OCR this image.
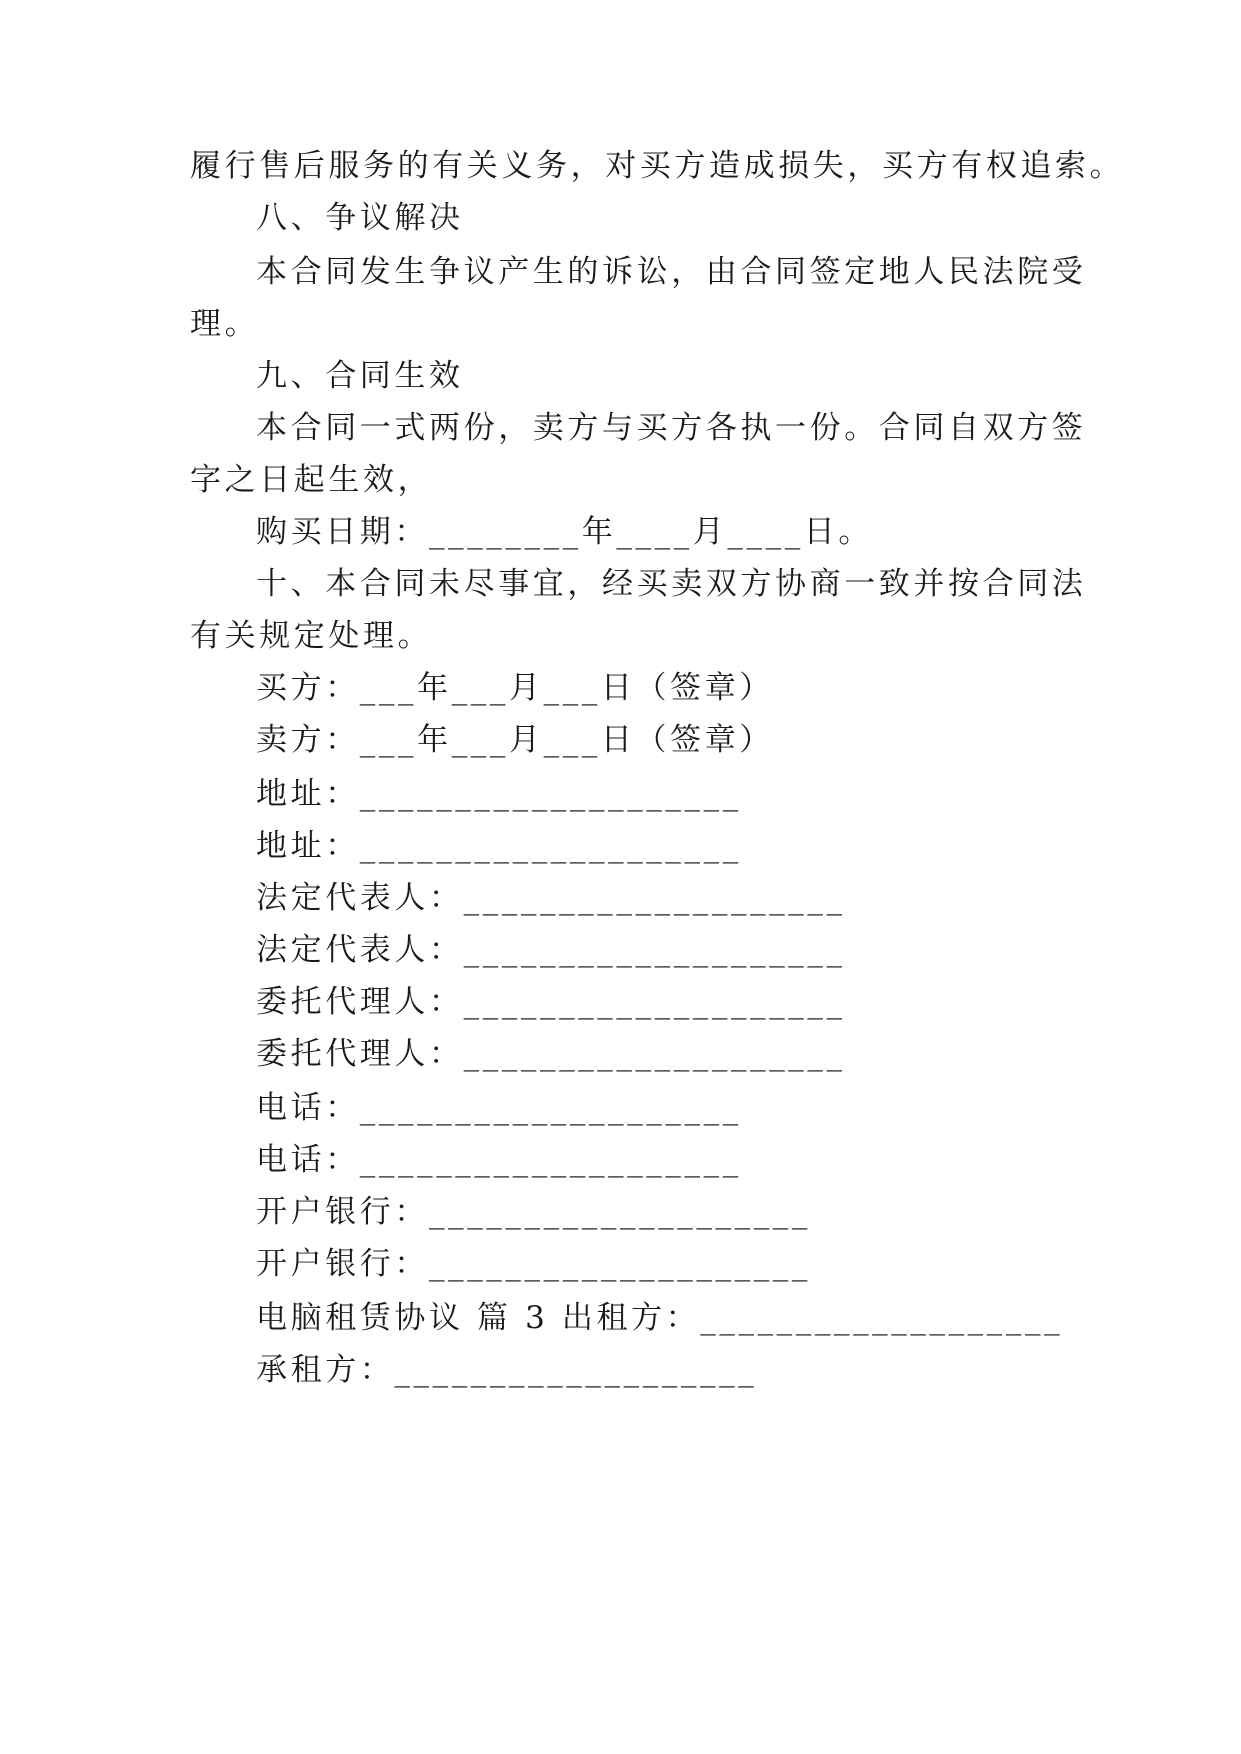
履行售后服务的有关义务，对买方造成损失，买方有权追索。
八、争议解决
本合同发生争议产生的诉讼，由合同签定地人民法院受
理。
九、合同生效
本合同一式两份，卖方与买方各执一份。合同自双方签
字之日起生效，
购买日期：________年____月____日。
十、本合同未尽事宜，经买卖双方协商一致并按合同法
有关规定处理。
买方：___年___月___日（签章）
卖方：___年___月___日（签章）
地址：____________________
地址：____________________
法定代表人：____________________
法定代表人：____________________
委托代理人：____________________
委托代理人：____________________
电话：____________________
电话：____________________
开户银行：____________________
开户银行：____________________
电脑租赁协议 篇 3 出租方：___________________
承租方：___________________
